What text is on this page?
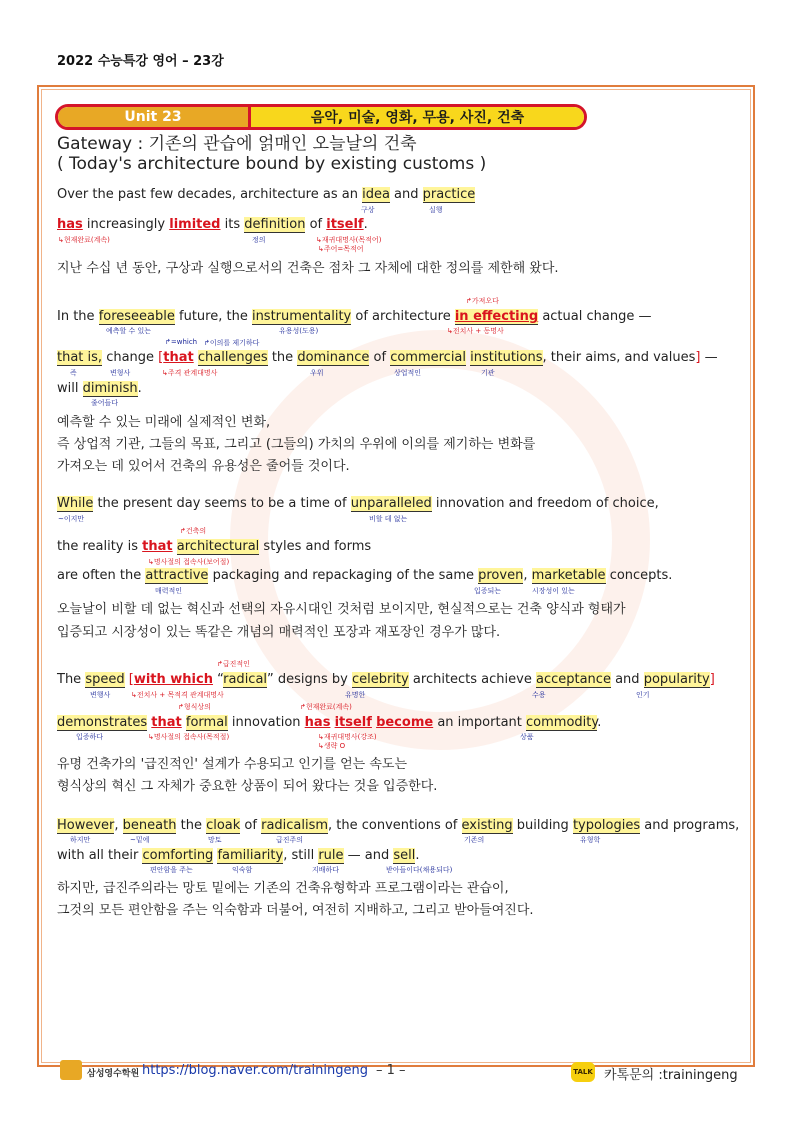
2022 수능특강 영어 – 23강
Unit 23	음악, 미술, 영화, 무용, 사진, 건축
Gateway : 기존의 관습에 얽매인 오늘날의 건축
( Today's architecture bound by existing customs )
Over the past few decades, architecture as an idea and practice
구상	실행
has increasingly limited its definition of itself.
↳현재완료(계속)	정의	↳재귀대명사(목적어)
↳주어=목적어
지난 수십 년 동안, 구상과 실행으로서의 건축은 점차 그 자체에 대한 정의를 제한해 왔다.
↱가져오다
In the foreseeable future, the instrumentality of architecture in effecting actual change —
예측할 수 있는	유용성(도용)	↳전치사 + 동명사
↱=which ↱이의를 제기하다
that is, change [that challenges the dominance of commercial institutions, their aims, and values] —
즉	변형사	↳주격 관계대명사	우위	상업적인	기관
will diminish.
줄어들다
예측할 수 있는 미래에 실제적인 변화,
즉 상업적 기관, 그들의 목표, 그리고 (그들의) 가치의 우위에 이의를 제기하는 변화를
가져오는 데 있어서 건축의 유용성은 줄어들 것이다.
While the present day seems to be a time of unparalleled innovation and freedom of choice,
~이지만	비할 데 없는
↱건축의
the reality is that architectural styles and forms
↳명사절의 접속사(보어절)
are often the attractive packaging and repackaging of the same proven, marketable concepts.
매력적인	입증되는	시장성이 있는
오늘날이 비할 데 없는 혁신과 선택의 자유시대인 것처럼 보이지만, 현실적으로는 건축 양식과 형태가
입증되고 시장성이 있는 똑같은 개념의 매력적인 포장과 재포장인 경우가 많다.
↱급진적인
The speed [with which “radical” designs by celebrity architects achieve acceptance and popularity]
변행사	↳전치사 + 목적격 관계대명사	유명한	수용	인기
↱형식상의	↱현재완료(계속)
demonstrates that formal innovation has itself become an important commodity.
입증하다	↳명사절의 접속사(목적절)	↳재귀대명사(강조)
↳생략 O
상품
유명 건축가의 '급진적인' 설계가 수용되고 인기를 얻는 속도는
형식상의 혁신 그 자체가 중요한 상품이 되어 왔다는 것을 입증한다.
However, beneath the cloak of radicalism, the conventions of existing building typologies and programs,
하지만	~밑에	망토	급진주의	기존의	유형학
with all their comforting familiarity, still rule — and sell.
편안함을 주는	익숙함	지배하다	받아들이다(채용되다)
하지만, 급진주의라는 망토 밑에는 기존의 건축유형학과 프로그램이라는 관습이,
그것의 모든 편안함을 주는 익숙함과 더불어, 여전히 지배하고, 그리고 받아들여진다.
삼성영수학원 https://blog.naver.com/trainingeng – 1 –	TALK 카톡문의 :trainingeng
